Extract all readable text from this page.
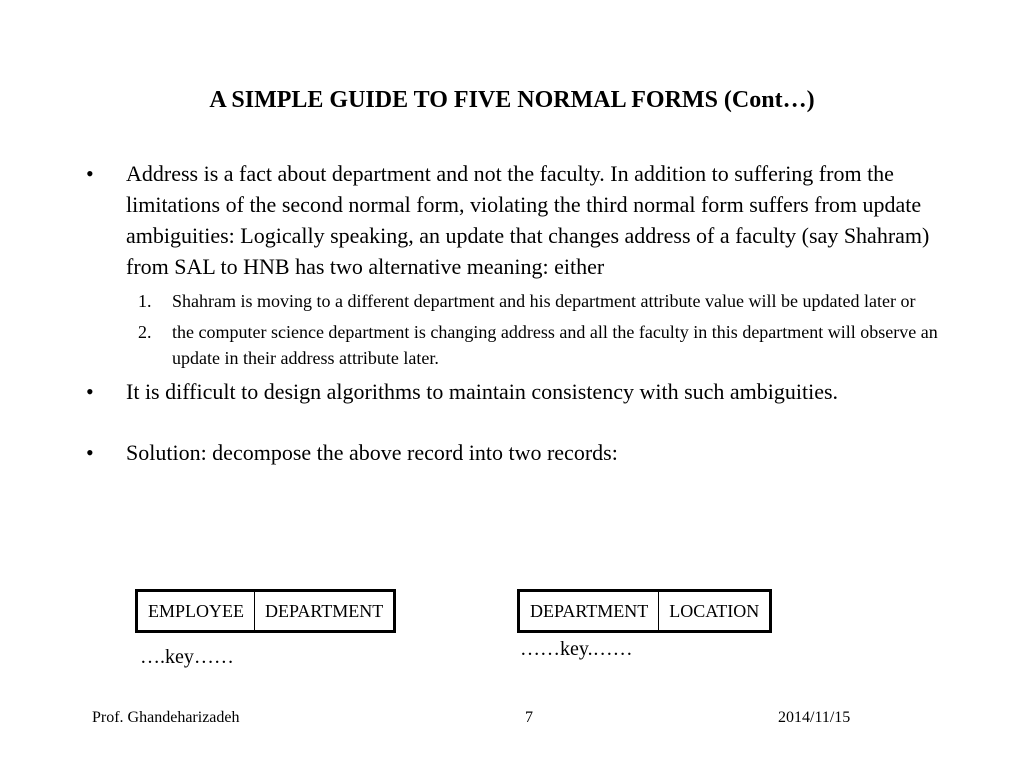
A SIMPLE GUIDE TO FIVE NORMAL FORMS (Cont…)
•	Address is a fact about department and not the faculty. In addition to suffering from the limitations of the second normal form, violating the third normal form suffers from update ambiguities: Logically speaking, an update that changes address of a faculty (say Shahram) from SAL to HNB has two alternative meaning: either
1. Shahram is moving to a different department and his department attribute value will be updated later or
2. the computer science department is changing address and all the faculty in this department will observe an update in their address attribute later.
•	It is difficult to design algorithms to maintain consistency with such ambiguities.
•	Solution: decompose the above record into two records:
EMPLOYEE	DEPARTMENT
….key……
DEPARTMENT	LOCATION
……key.……
Prof. Ghandeharizadeh	7	2014/11/15
